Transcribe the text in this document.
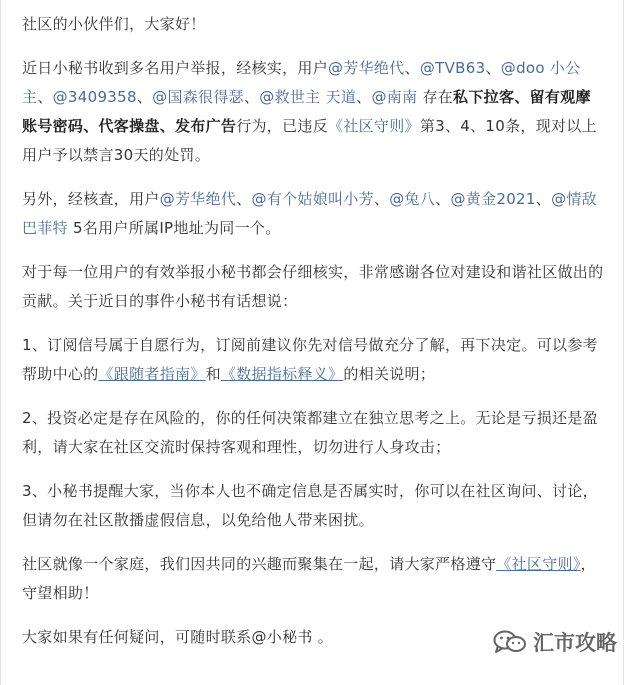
社区的小伙伴们，大家好！

近日小秘书收到多名用户举报，经核实，用户@芳华绝代、@TVB63、@doo 小公主、@3409358、@国森很得瑟、@救世主 天道、@南南 存在私下拉客、留有观摩账号密码、代客操盘、发布广告行为，已违反《社区守则》第3、4、10条，现对以上用户予以禁言30天的处罚。

另外，经核查，用户@芳华绝代、@有个姑娘叫小芳、@兔八、@黄金2021、@情敌巴菲特 5名用户所属IP地址为同一个。

对于每一位用户的有效举报小秘书都会仔细核实，非常感谢各位对建设和谐社区做出的贡献。关于近日的事件小秘书有话想说：

1、订阅信号属于自愿行为，订阅前建议你先对信号做充分了解，再下决定。可以参考帮助中心的《跟随者指南》和《数据指标释义》的相关说明；

2、投资必定是存在风险的，你的任何决策都建立在独立思考之上。无论是亏损还是盈利，请大家在社区交流时保持客观和理性，切勿进行人身攻击；

3、小秘书提醒大家，当你本人也不确定信息是否属实时，你可以在社区询问、讨论，但请勿在社区散播虚假信息，以免给他人带来困扰。

社区就像一个家庭，我们因共同的兴趣而聚集在一起，请大家严格遵守《社区守则》，守望相助！

大家如果有任何疑问，可随时联系@小秘书 。	汇市攻略
